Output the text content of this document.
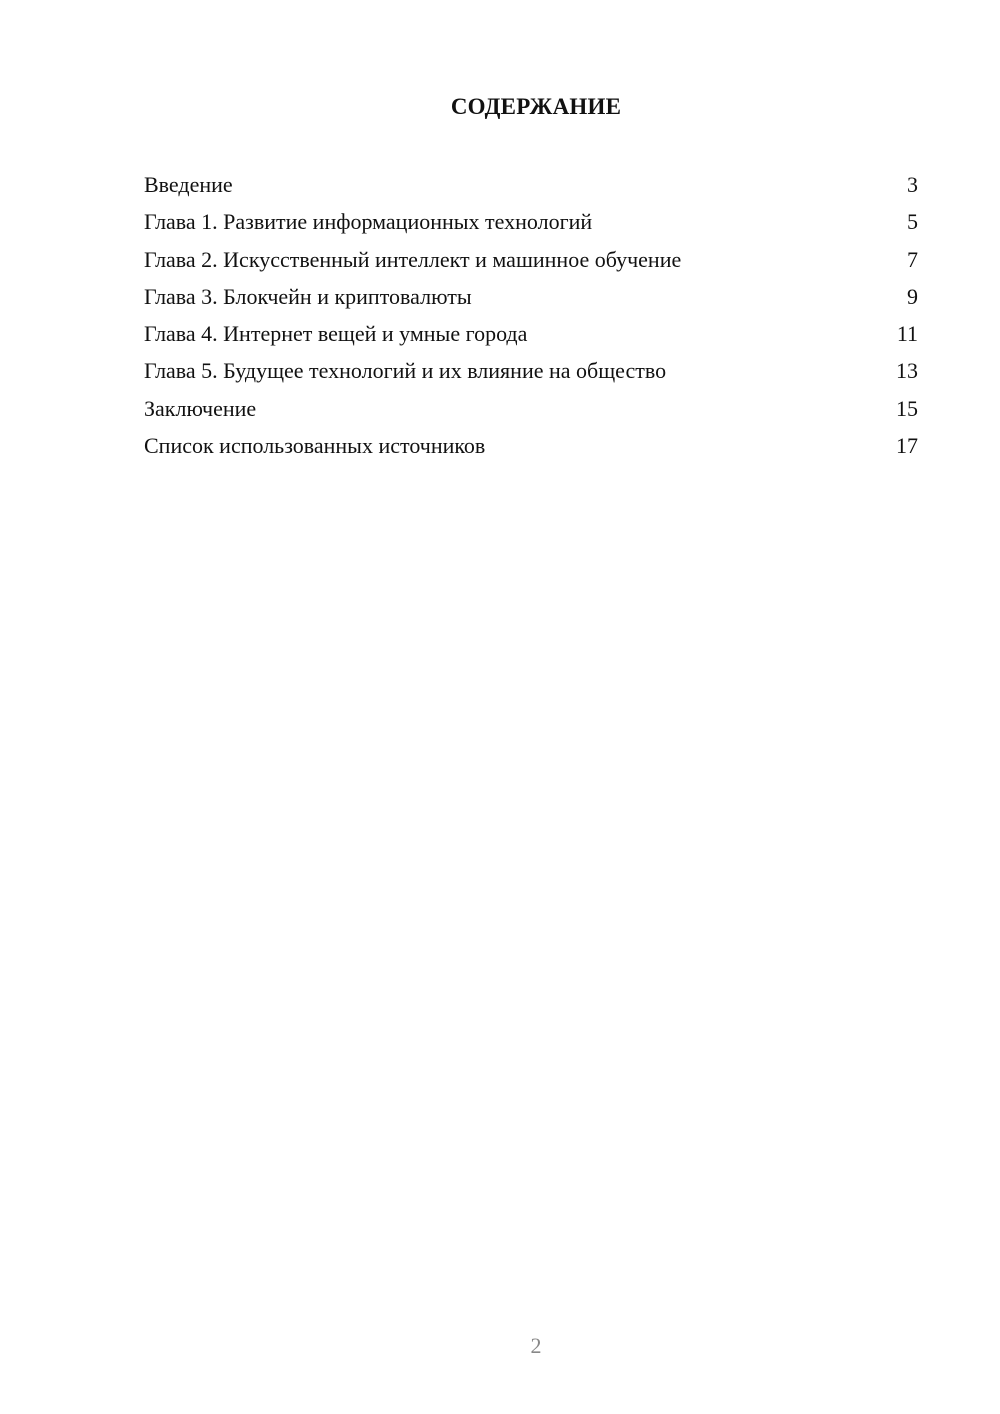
СОДЕРЖАНИЕ
Введение	3
Глава 1. Развитие информационных технологий	5
Глава 2. Искусственный интеллект и машинное обучение	7
Глава 3. Блокчейн и криптовалюты	9
Глава 4. Интернет вещей и умные города	11
Глава 5. Будущее технологий и их влияние на общество	13
Заключение	15
Список использованных источников	17
2
